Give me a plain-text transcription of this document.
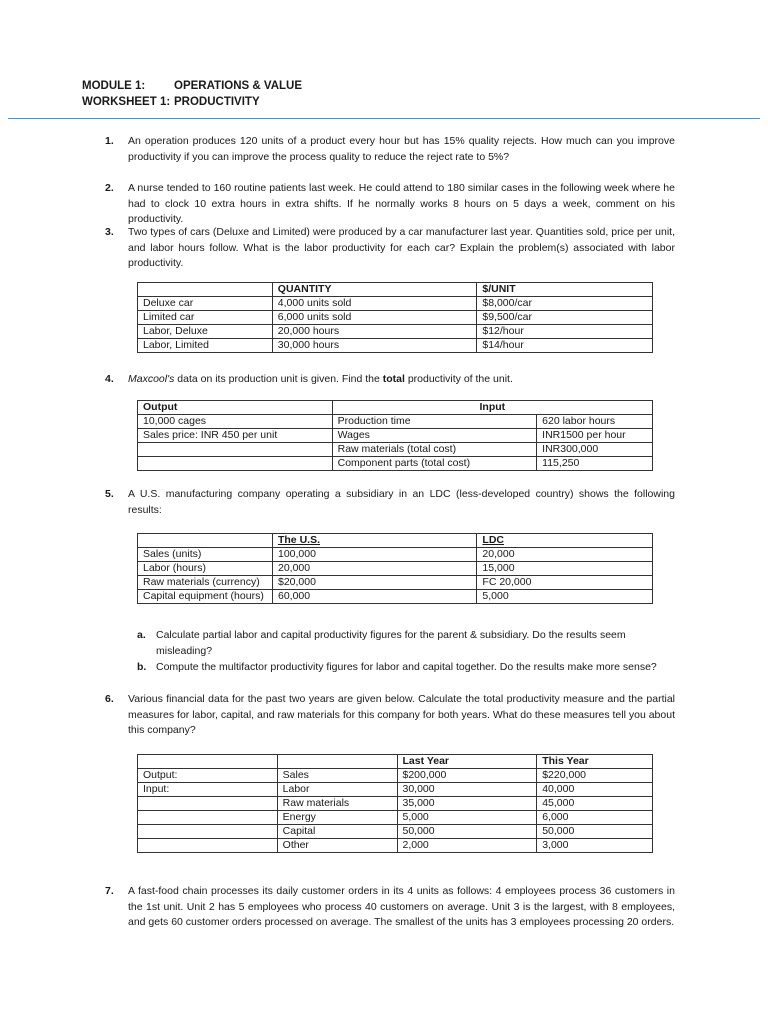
MODULE 1:	OPERATIONS & VALUE
WORKSHEET 1: PRODUCTIVITY
1. An operation produces 120 units of a product every hour but has 15% quality rejects. How much can you improve productivity if you can improve the process quality to reduce the reject rate to 5%?
2. A nurse tended to 160 routine patients last week. He could attend to 180 similar cases in the following week where he had to clock 10 extra hours in extra shifts. If he normally works 8 hours on 5 days a week, comment on his productivity.
3. Two types of cars (Deluxe and Limited) were produced by a car manufacturer last year. Quantities sold, price per unit, and labor hours follow. What is the labor productivity for each car? Explain the problem(s) associated with labor productivity.
	QUANTITY	$/UNIT
Deluxe car	4,000 units sold	$8,000/car
Limited car	6,000 units sold	$9,500/car
Labor, Deluxe	20,000 hours	$12/hour
Labor, Limited	30,000 hours	$14/hour
4. Maxcool's data on its production unit is given. Find the total productivity of the unit.
Output	Input	
10,000 cages	Production time	620 labor hours
Sales price: INR 450 per unit	Wages	INR1500 per hour
	Raw materials (total cost)	INR300,000
	Component parts (total cost)	115,250
5. A U.S. manufacturing company operating a subsidiary in an LDC (less-developed country) shows the following results:
	The U.S.	LDC
Sales (units)	100,000	20,000
Labor (hours)	20,000	15,000
Raw materials (currency)	$20,000	FC 20,000
Capital equipment (hours)	60,000	5,000
a. Calculate partial labor and capital productivity figures for the parent & subsidiary. Do the results seem misleading?
b. Compute the multifactor productivity figures for labor and capital together. Do the results make more sense?
6. Various financial data for the past two years are given below. Calculate the total productivity measure and the partial measures for labor, capital, and raw materials for this company for both years. What do these measures tell you about this company?
		Last Year	This Year
Output:	Sales	$200,000	$220,000
Input:	Labor	30,000	40,000
	Raw materials	35,000	45,000
	Energy	5,000	6,000
	Capital	50,000	50,000
	Other	2,000	3,000
7. A fast-food chain processes its daily customer orders in its 4 units as follows: 4 employees process 36 customers in the 1st unit. Unit 2 has 5 employees who process 40 customers on average. Unit 3 is the largest, with 8 employees, and gets 60 customer orders processed on average. The smallest of the units has 3 employees processing 20 orders.
